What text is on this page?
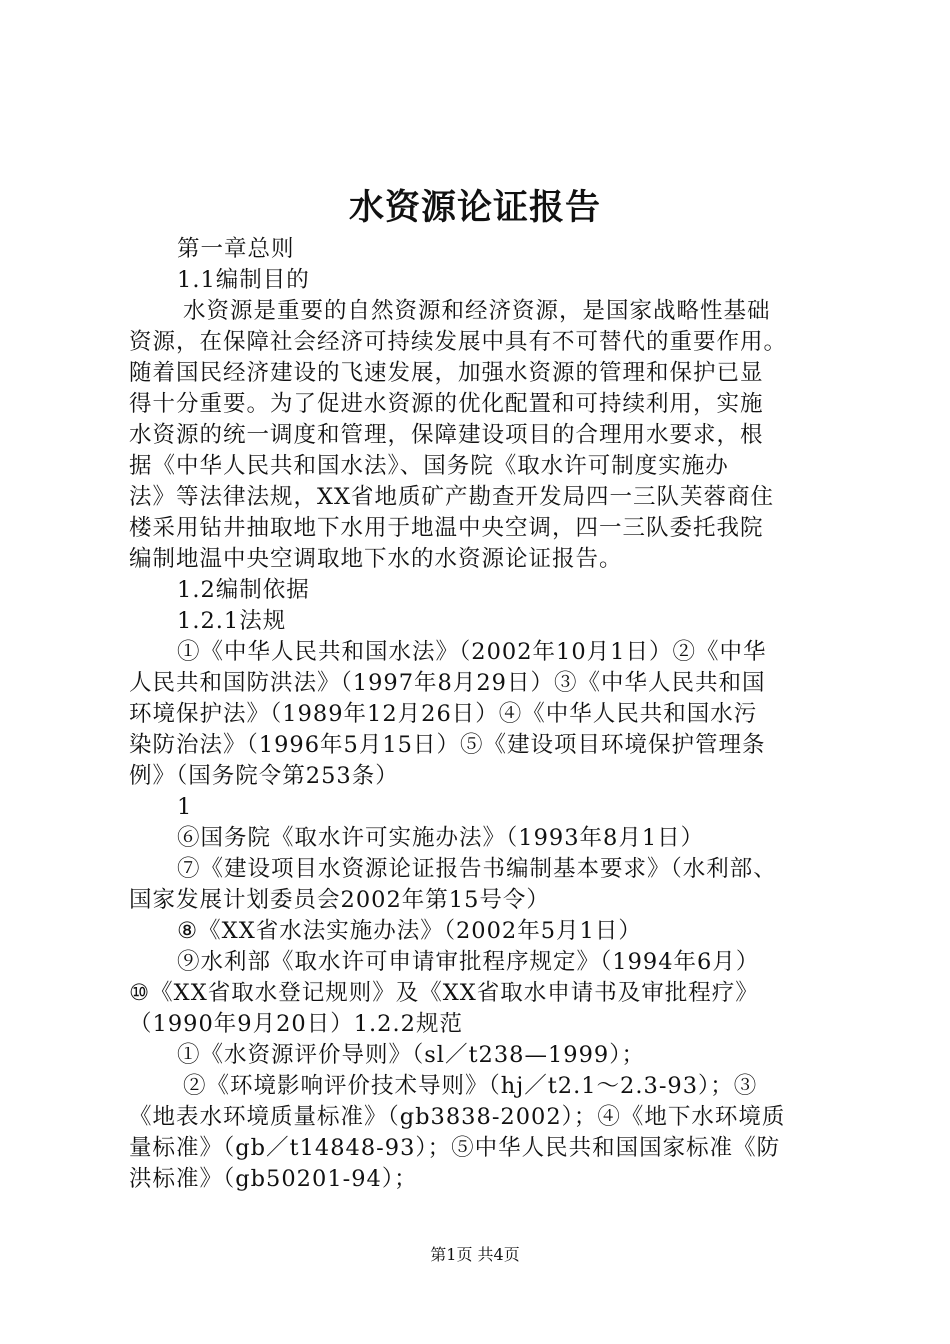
水资源论证报告
第一章总则
1.1编制目的
水资源是重要的自然资源和经济资源，是国家战略性基础
资源，在保障社会经济可持续发展中具有不可替代的重要作用。
随着国民经济建设的飞速发展，加强水资源的管理和保护已显
得十分重要。为了促进水资源的优化配置和可持续利用，实施
水资源的统一调度和管理，保障建设项目的合理用水要求，根
据《中华人民共和国水法》、国务院《取水许可制度实施办
法》等法律法规，XX省地质矿产勘查开发局四一三队芙蓉商住
楼采用钻井抽取地下水用于地温中央空调，四一三队委托我院
编制地温中央空调取地下水的水资源论证报告。
1.2编制依据
1.2.1法规
①《中华人民共和国水法》（2002年10月1日）②《中华
人民共和国防洪法》（1997年8月29日）③《中华人民共和国
环境保护法》（1989年12月26日）④《中华人民共和国水污
染防治法》（1996年5月15日）⑤《建设项目环境保护管理条
例》（国务院令第253条）
1
⑥国务院《取水许可实施办法》（1993年8月1日）
⑦《建设项目水资源论证报告书编制基本要求》（水利部、
国家发展计划委员会2002年第15号令）
⑧《XX省水法实施办法》（2002年5月1日）
⑨水利部《取水许可申请审批程序规定》（1994年6月）
⑩《XX省取水登记规则》及《XX省取水申请书及审批程疗》
（1990年9月20日）1.2.2规范
①《水资源评价导则》（sl／t238—1999）；
②《环境影响评价技术导则》（hj／t2.1～2.3-93）；③
《地表水环境质量标准》（gb3838-2002）；④《地下水环境质
量标准》（gb／t14848-93）；⑤中华人民共和国国家标准《防
洪标准》（gb50201-94）；
第1页 共4页
